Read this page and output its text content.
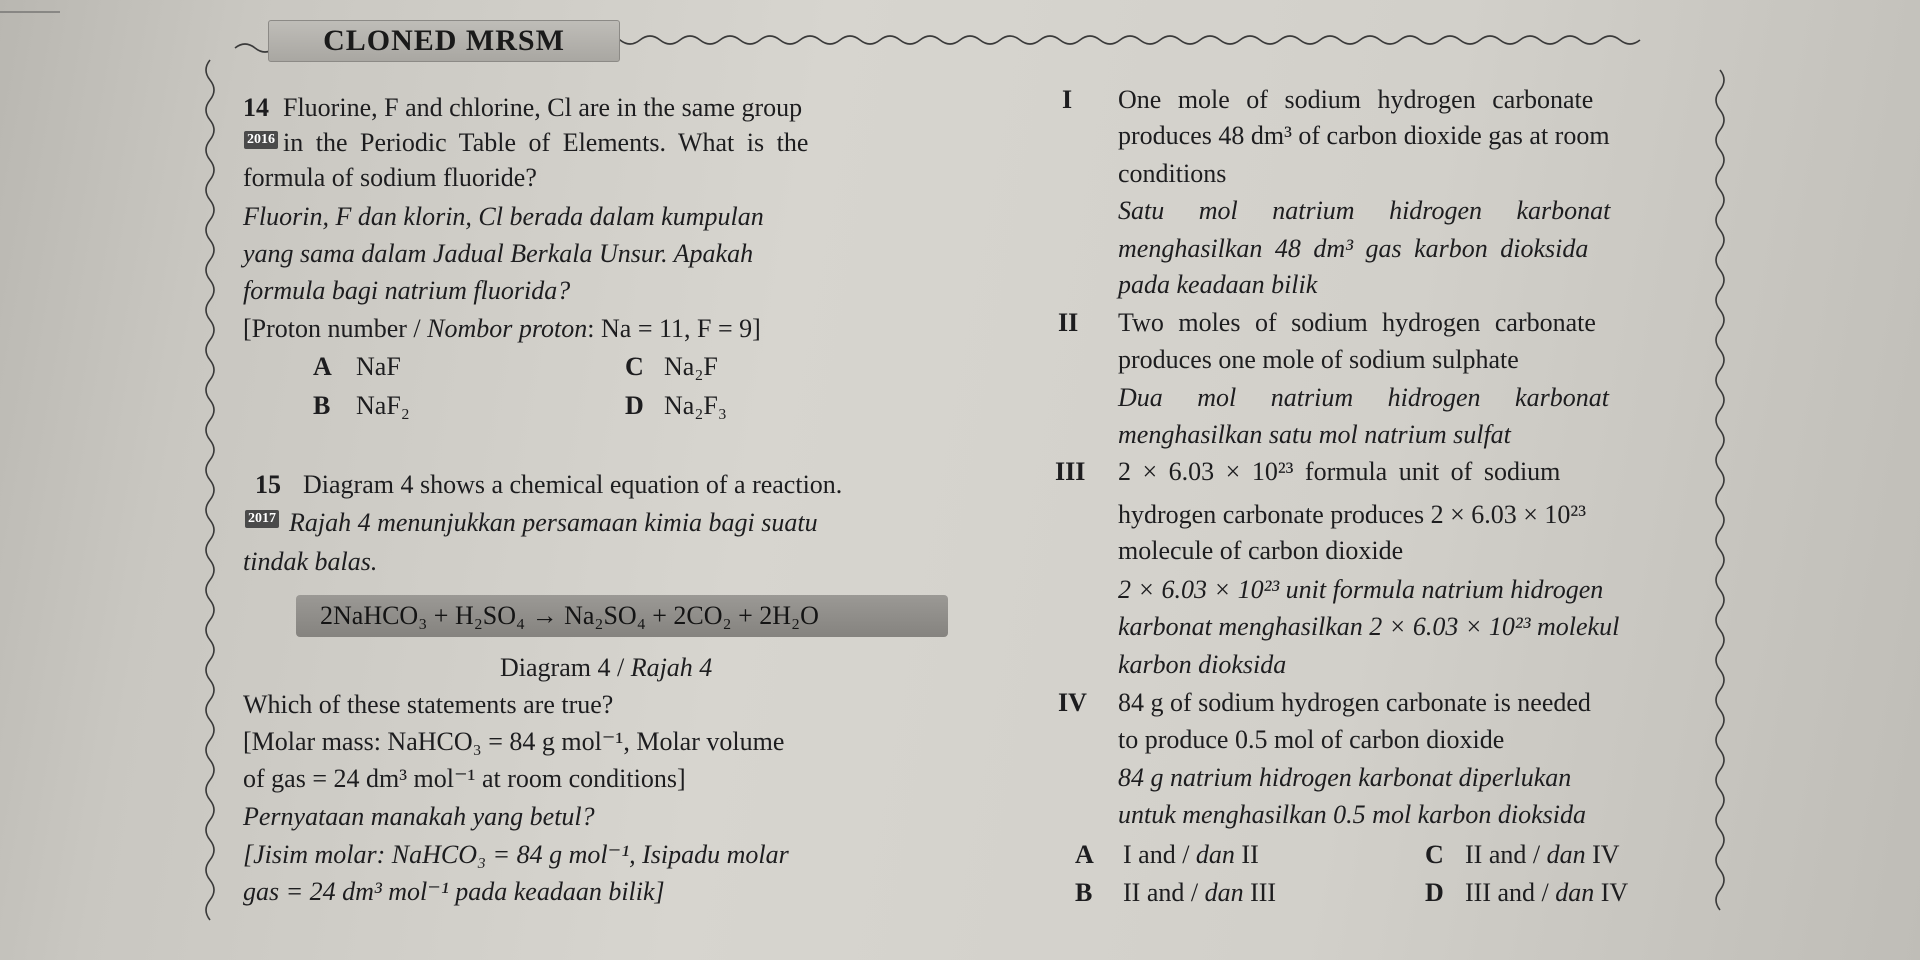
CLONED MRSM
14 Fluorine, F and chlorine, Cl are in the same group
2016 in the Periodic Table of Elements. What is the
formula of sodium fluoride?
Fluorin, F dan klorin, Cl berada dalam kumpulan
yang sama dalam Jadual Berkala Unsur. Apakah
formula bagi natrium fluorida?
[Proton number / Nombor proton: Na = 11, F = 9]
A NaF	C Na₂F
B NaF₂	D Na₂F₃
15 Diagram 4 shows a chemical equation of a reaction.
2017 Rajah 4 menunjukkan persamaan kimia bagi suatu
tindak balas.
2NaHCO₃ + H₂SO₄ → Na₂SO₄ + 2CO₂ + 2H₂O
Diagram 4 / Rajah 4
Which of these statements are true?
[Molar mass: NaHCO₃ = 84 g mol⁻¹, Molar volume
of gas = 24 dm³ mol⁻¹ at room conditions]
Pernyataan manakah yang betul?
[Jisim molar: NaHCO₃ = 84 g mol⁻¹, Isipadu molar
gas = 24 dm³ mol⁻¹ pada keadaan bilik]
I One mole of sodium hydrogen carbonate
produces 48 dm³ of carbon dioxide gas at room
conditions
Satu mol natrium hidrogen karbonat
menghasilkan 48 dm³ gas karbon dioksida
pada keadaan bilik
II Two moles of sodium hydrogen carbonate
produces one mole of sodium sulphate
Dua mol natrium hidrogen karbonat
menghasilkan satu mol natrium sulfat
III 2 × 6.03 × 10²³ formula unit of sodium
hydrogen carbonate produces 2 × 6.03 × 10²³
molecule of carbon dioxide
2 × 6.03 × 10²³ unit formula natrium hidrogen
karbonat menghasilkan 2 × 6.03 × 10²³ molekul
karbon dioksida
IV 84 g of sodium hydrogen carbonate is needed
to produce 0.5 mol of carbon dioxide
84 g natrium hidrogen karbonat diperlukan
untuk menghasilkan 0.5 mol karbon dioksida
A I and / dan II	C II and / dan IV
B II and / dan III	D III and / dan IV
